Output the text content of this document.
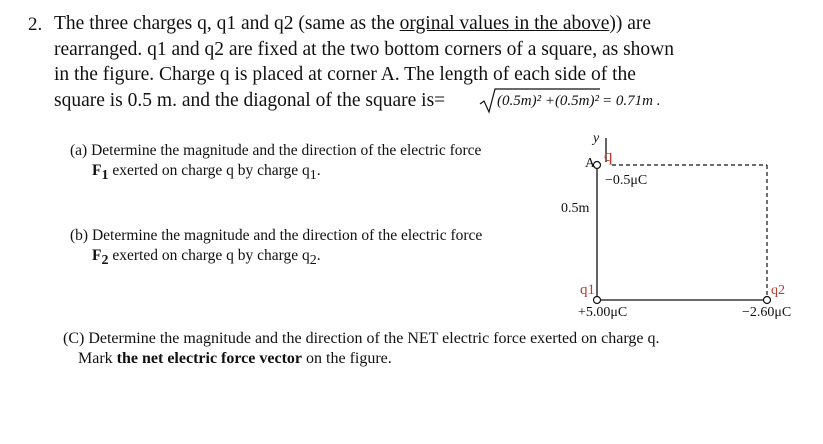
2. The three charges q, q1 and q2 (same as the orginal values in the above)) are
rearranged. q1 and q2 are fixed at the two bottom corners of a square, as shown
in the figure. Charge q is placed at corner A. The length of each side of the
square is 0.5 m. and the diagonal of the square is=	(0.5m)² +(0.5m)² = 0.71m .
(a) Determine the magnitude and the direction of the electric force
$F_1$ exerted on charge q by charge $q_1$.
(b) Determine the magnitude and the direction of the electric force
$F_2$ exerted on charge q by charge $q_2$.
(C) Determine the magnitude and the direction of the NET electric force exerted on charge q.
Mark the net electric force vector on the figure.
y
A q
−0.5μC
0.5m
q1
+5.00μC
q2
−2.60μC
